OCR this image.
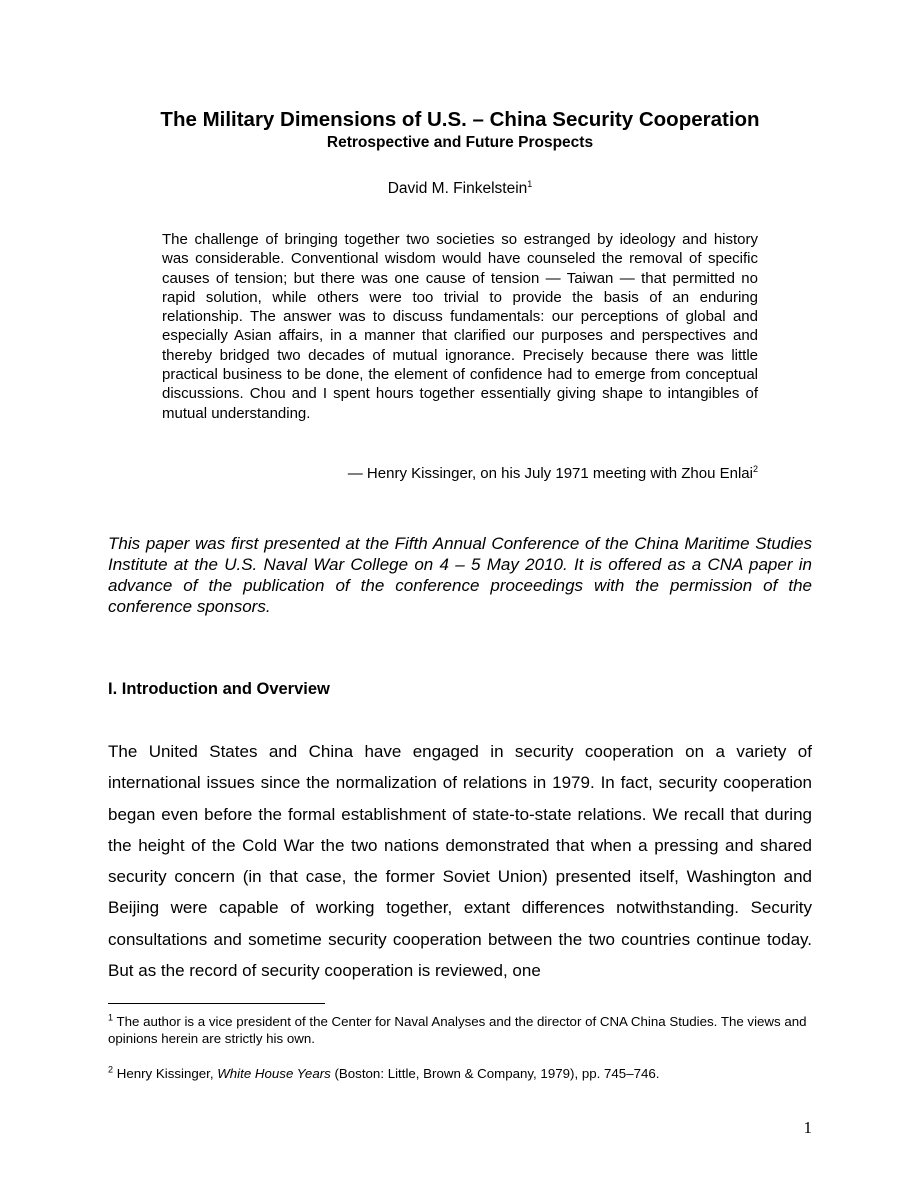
The Military Dimensions of U.S. – China Security Cooperation
Retrospective and Future Prospects
David M. Finkelstein$^1$
The challenge of bringing together two societies so estranged by ideology and history was considerable. Conventional wisdom would have counseled the removal of specific causes of tension; but there was one cause of tension — Taiwan — that permitted no rapid solution, while others were too trivial to provide the basis of an enduring relationship. The answer was to discuss fundamentals: our perceptions of global and especially Asian affairs, in a manner that clarified our purposes and perspectives and thereby bridged two decades of mutual ignorance. Precisely because there was little practical business to be done, the element of confidence had to emerge from conceptual discussions. Chou and I spent hours together essentially giving shape to intangibles of mutual understanding.
— Henry Kissinger, on his July 1971 meeting with Zhou Enlai$^2$
This paper was first presented at the Fifth Annual Conference of the China Maritime Studies Institute at the U.S. Naval War College on 4 – 5 May 2010. It is offered as a CNA paper in advance of the publication of the conference proceedings with the permission of the conference sponsors.
I. Introduction and Overview
The United States and China have engaged in security cooperation on a variety of international issues since the normalization of relations in 1979. In fact, security cooperation began even before the formal establishment of state-to-state relations. We recall that during the height of the Cold War the two nations demonstrated that when a pressing and shared security concern (in that case, the former Soviet Union) presented itself, Washington and Beijing were capable of working together, extant differences notwithstanding. Security consultations and sometime security cooperation between the two countries continue today. But as the record of security cooperation is reviewed, one
$^1$ The author is a vice president of the Center for Naval Analyses and the director of CNA China Studies. The views and opinions herein are strictly his own.
$^2$ Henry Kissinger, White House Years (Boston: Little, Brown & Company, 1979), pp. 745–746.
1
